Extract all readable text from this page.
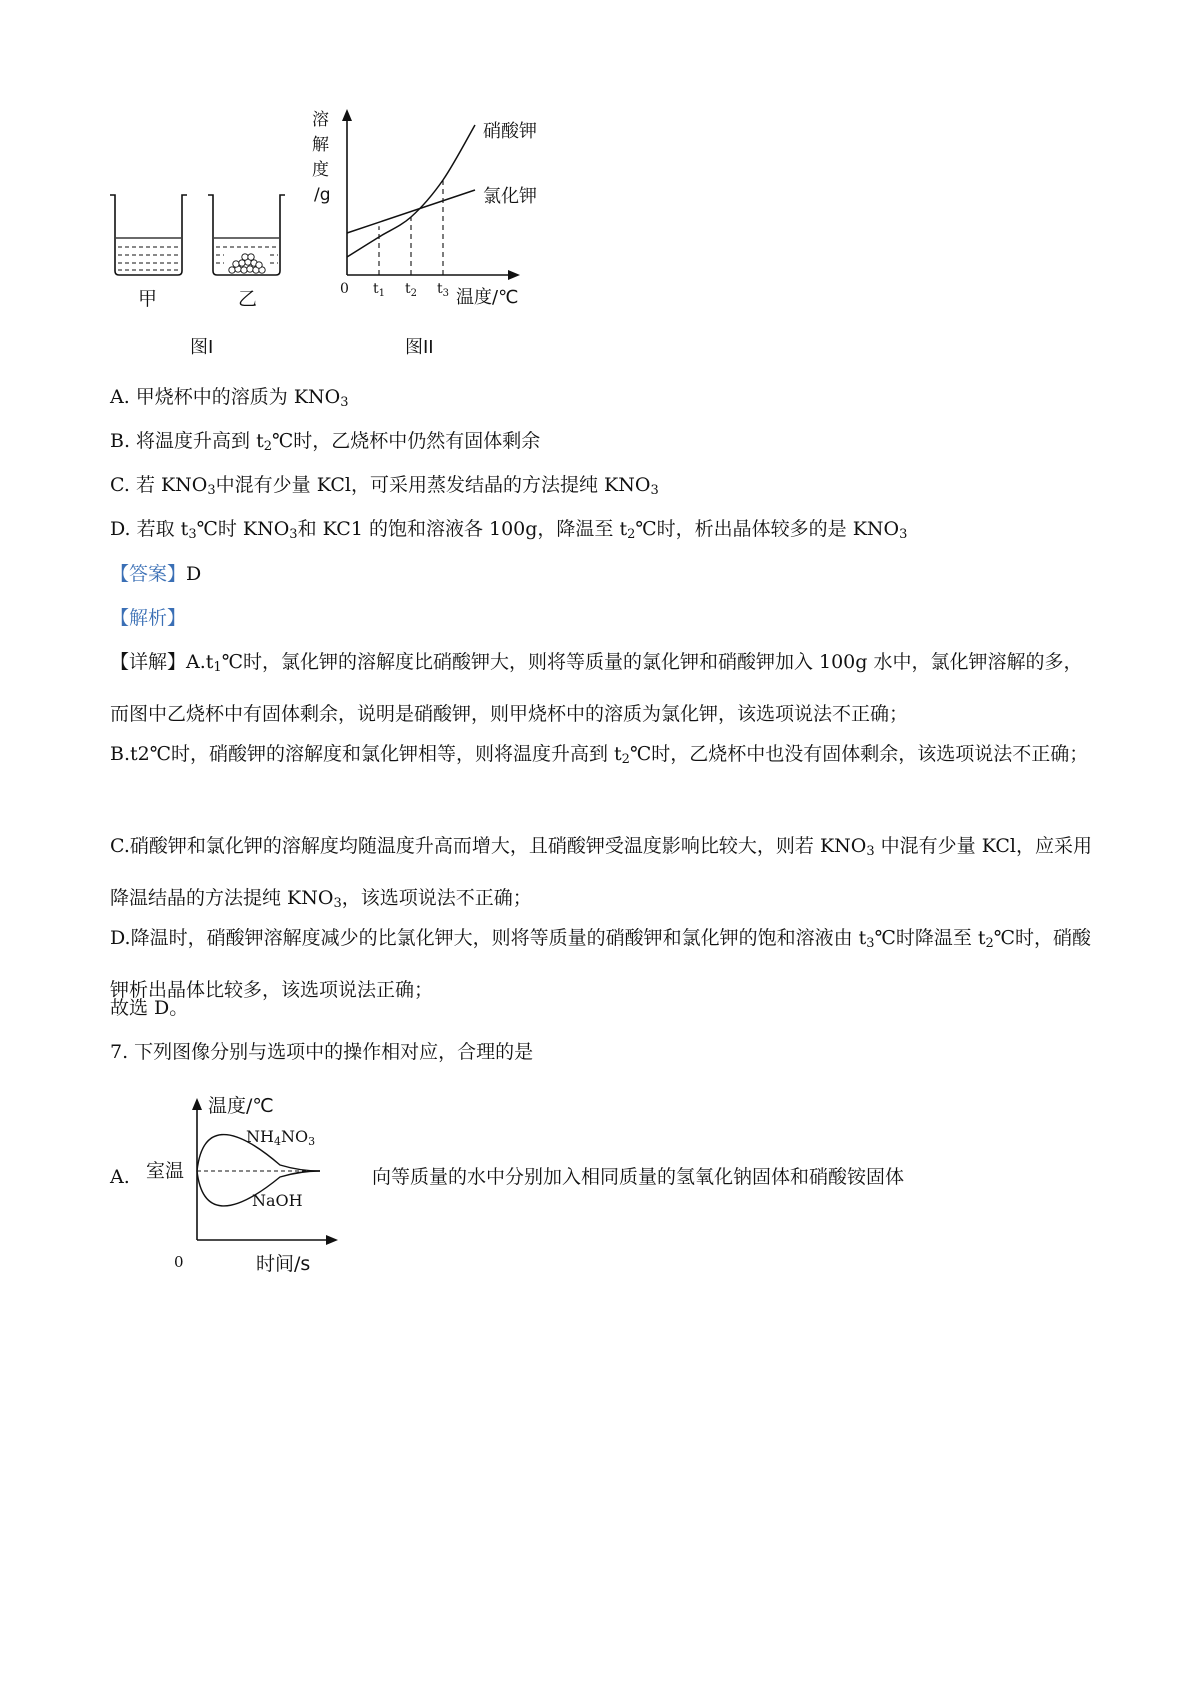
甲	乙
图I	图II
溶
解
度
/g
0	温度/℃
$t_1$ $t_2$ $t_3$
硝酸钾
氯化钾
A. 甲烧杯中的溶质为 $KNO_3$
B. 将温度升高到 $t_2℃$时，乙烧杯中仍然有固体剩余
C. 若 $KNO_3$中混有少量 KCl，可采用蒸发结晶的方法提纯 $KNO_3$
D. 若取 $t_3℃$时 $KNO_3$和 KC1 的饱和溶液各 100g，降温至 $t_2℃$时，析出晶体较多的是 $KNO_3$
【答案】D
【解析】
【详解】$A.t_1℃$时，氯化钾的溶解度比硝酸钾大，则将等质量的氯化钾和硝酸钾加入 100g 水中，氯化钾溶解的多，而图中乙烧杯中有固体剩余，说明是硝酸钾，则甲烧杯中的溶质为氯化钾，该选项说法不正确；
B.t2℃时，硝酸钾的溶解度和氯化钾相等，则将温度升高到 $t_2℃$时，乙烧杯中也没有固体剩余，该选项说法不正确；
C.硝酸钾和氯化钾的溶解度均随温度升高而增大，且硝酸钾受温度影响比较大，则若 $KNO_3$ 中混有少量 KCl，应采用降温结晶的方法提纯 $KNO_3$，该选项说法不正确；
D.降温时，硝酸钾溶解度减少的比氯化钾大，则将等质量的硝酸钾和氯化钾的饱和溶液由 $t_3℃$时降温至 $t_2℃$时，硝酸钾析出晶体比较多，该选项说法正确；
故选 D。
7. 下列图像分别与选项中的操作相对应，合理的是
A.	向等质量的水中分别加入相同质量的氢氧化钠固体和硝酸铵固体
温度/℃
室温
NH4NO3
NaOH
0	时间/s
